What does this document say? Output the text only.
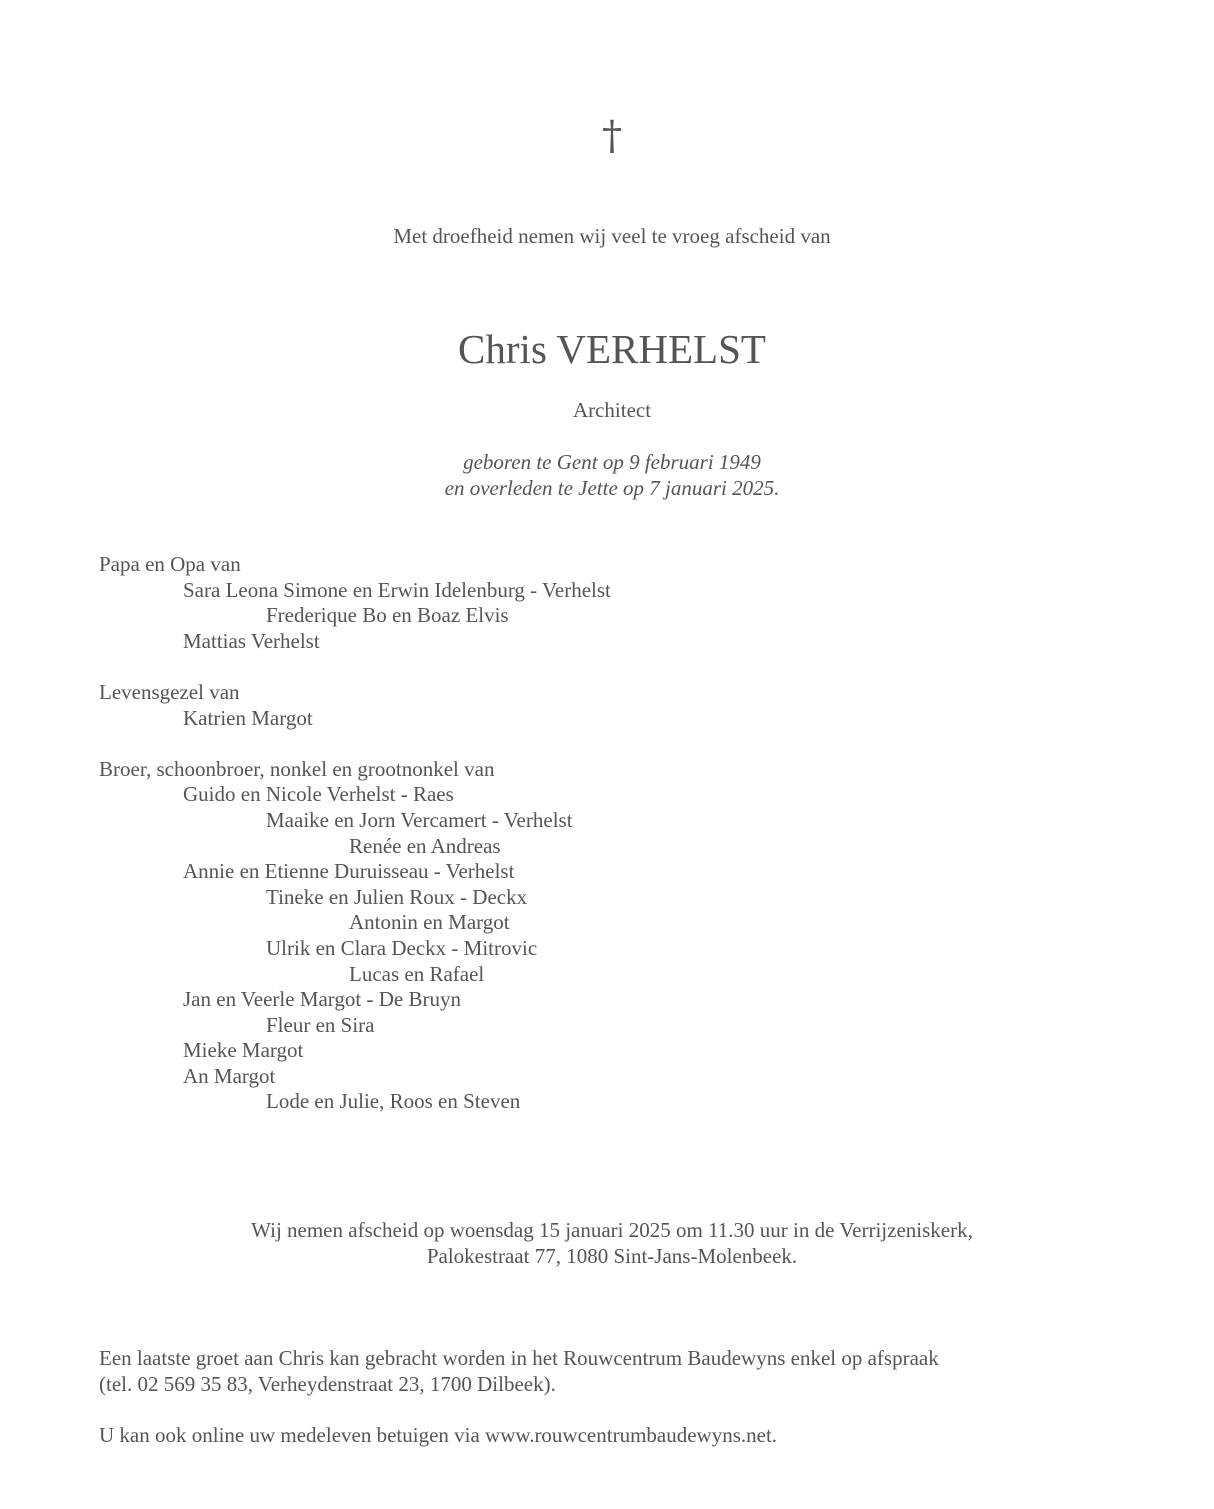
†
Met droefheid nemen wij veel te vroeg afscheid van
Chris VERHELST
Architect
geboren te Gent op 9 februari 1949
en overleden te Jette op 7 januari 2025.
Papa en Opa van
Sara Leona Simone en Erwin Idelenburg - Verhelst
Frederique Bo en Boaz Elvis
Mattias Verhelst
Levensgezel van
Katrien Margot
Broer, schoonbroer, nonkel en grootnonkel van
Guido en Nicole Verhelst - Raes
Maaike en Jorn Vercamert - Verhelst
Renée en Andreas
Annie en Etienne Duruisseau - Verhelst
Tineke en Julien Roux - Deckx
Antonin en Margot
Ulrik en Clara Deckx - Mitrovic
Lucas en Rafael
Jan en Veerle Margot - De Bruyn
Fleur en Sira
Mieke Margot
An Margot
Lode en Julie, Roos en Steven
Wij nemen afscheid op woensdag 15 januari 2025 om 11.30 uur in de Verrijzeniskerk,
Palokestraat 77, 1080 Sint-Jans-Molenbeek.
Een laatste groet aan Chris kan gebracht worden in het Rouwcentrum Baudewyns enkel op afspraak
(tel. 02 569 35 83, Verheydenstraat 23, 1700 Dilbeek).
U kan ook online uw medeleven betuigen via www.rouwcentrumbaudewyns.net.
